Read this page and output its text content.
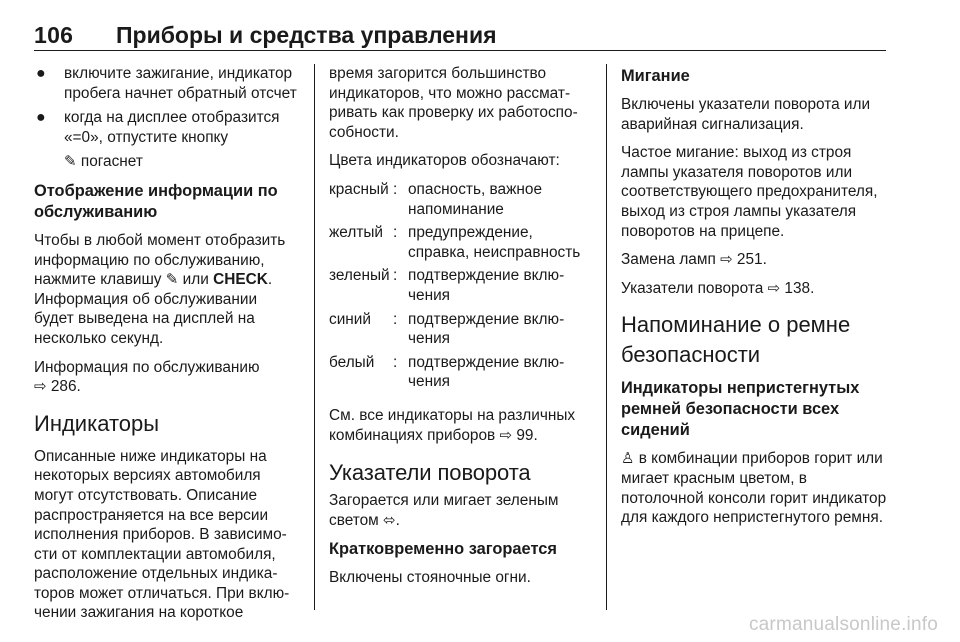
106 Приборы и средства управления
● включите зажигание, индикатор пробега начнет обратный отсчет
● когда на дисплее отобразится «=0», отпустите кнопку

✎ погаснет

Отображение информации по обслуживанию

Чтобы в любой момент отобразить информацию по обслуживанию, нажмите клавишу ✎ или CHECK. Информация об обслуживании будет выведена на дисплей на несколько секунд.

Информация по обслуживанию
⇨ 286.

Индикаторы

Описанные ниже индикаторы на некоторых версиях автомобиля могут отсутствовать. Описание распространяется на все версии исполнения приборов. В зависимости от комплектации автомобиля, расположение отдельных индикаторов может отличаться. При включении зажигания на короткое

время загорится большинство индикаторов, что можно рассматривать как проверку их работоспособности.

Цвета индикаторов обозначают:

красный	:	опасность, важное напоминание
желтый	:	предупреждение, справка, неисправность
зеленый	:	подтверждение включения
синий	:	подтверждение включения
белый	:	подтверждение включения

См. все индикаторы на различных комбинациях приборов ⇨ 99.

Указатели поворота

Загорается или мигает зеленым светом ⬄.

Кратковременно загорается

Включены стояночные огни.

Мигание

Включены указатели поворота или аварийная сигнализация.

Частое мигание: выход из строя лампы указателя поворотов или соответствующего предохранителя, выход из строя лампы указателя поворотов на прицепе.

Замена ламп ⇨ 251.

Указатели поворота ⇨ 138.

Напоминание о ремне безопасности
Индикаторы непристегнутых ремней безопасности всех сидений

♙ в комбинации приборов горит или мигает красным цветом, в потолочной консоли горит индикатор для каждого непристегнутого ремня.

carmanualsonline.info
